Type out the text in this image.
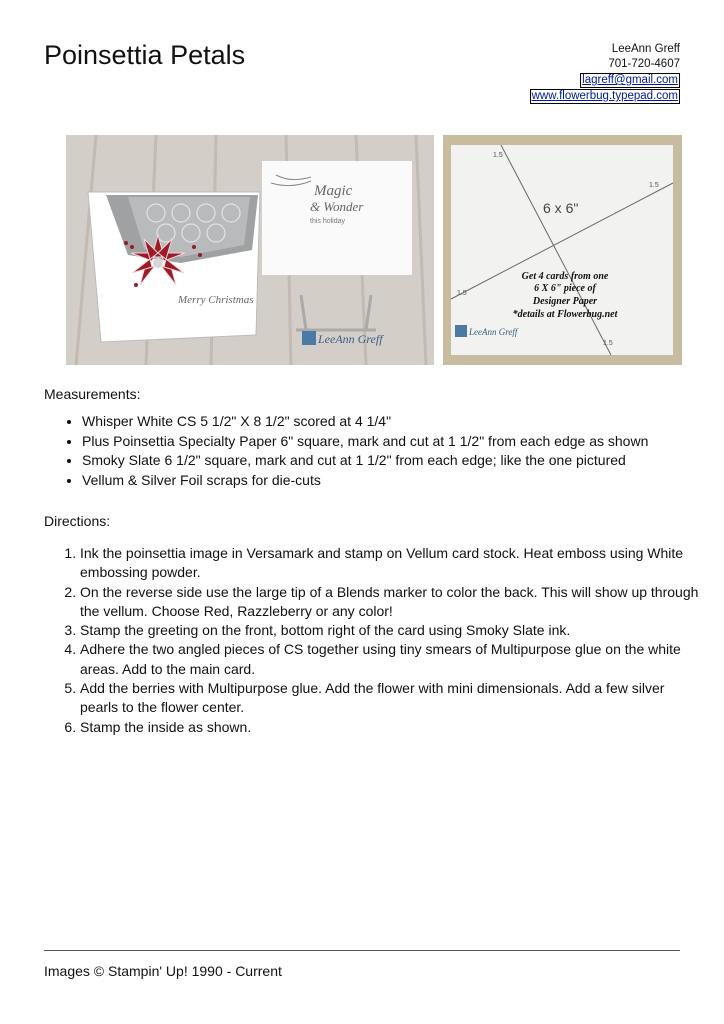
Poinsettia Petals	LeeAnn Greff
701-720-4607
lagreff@gmail.com
www.flowerbug.typepad.com
Magic
& Wonder
this holiday
Merry Christmas
LeeAnn Greff
6 x 6"
1.5
1.5
1.5
1.5
Get 4 cards from one
6 X 6" piece of
Designer Paper
*details at Flowerbug.net
LeeAnn Greff
Measurements:
• Whisper White CS 5 1/2" X 8 1/2" scored at 4 1/4"
• Plus Poinsettia Specialty Paper 6" square, mark and cut at 1 1/2" from each edge as shown
• Smoky Slate 6 1/2" square, mark and cut at 1 1/2" from each edge; like the one pictured
• Vellum & Silver Foil scraps for die-cuts
Directions:
1. Ink the poinsettia image in Versamark and stamp on Vellum card stock. Heat emboss using White embossing powder.
2. On the reverse side use the large tip of a Blends marker to color the back. This will show up through the vellum. Choose Red, Razzleberry or any color!
3. Stamp the greeting on the front, bottom right of the card using Smoky Slate ink.
4. Adhere the two angled pieces of CS together using tiny smears of Multipurpose glue on the white areas. Add to the main card.
5. Add the berries with Multipurpose glue. Add the flower with mini dimensionals. Add a few silver pearls to the flower center.
6. Stamp the inside as shown.
Images © Stampin' Up! 1990 - Current
